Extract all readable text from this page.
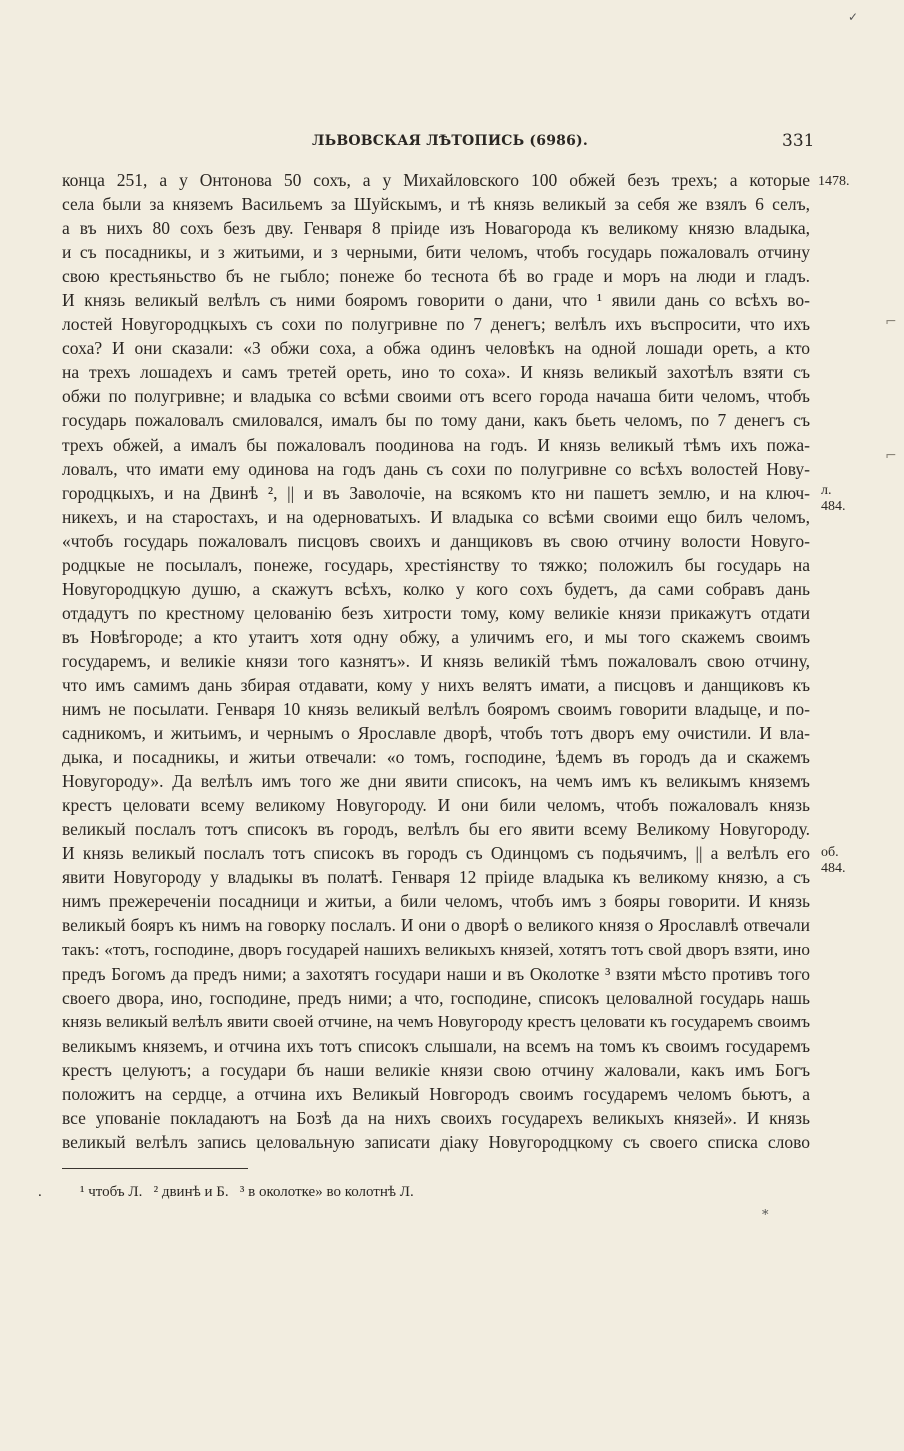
✓
ЛЬВОВСКАЯ ЛѢТОПИСЬ (6986).	331
конца 251, а у Онтонова 50 сохъ, а у Михайловского 100 обжей безъ трехъ; а которые
села были за княземъ Васильемъ за Шуйскымъ, и тѣ князь великый за себя же взялъ 6 селъ,
а въ нихъ 80 сохъ безъ дву. Генваря 8 пріиде изъ Новагорода къ великому князю владыка,
и съ посадникы, и з житьими, и з черными, бити челомъ, чтобъ государь пожаловалъ отчину
свою крестьяньство бъ не гыбло; понеже бо теснота бѣ во граде и моръ на люди и гладъ.
И князь великый велѣлъ съ ними бояромъ говорити о дани, что ¹ явили дань со всѣхъ во-
лостей Новугородцкыхъ съ сохи по полугривне по 7 денегъ; велѣлъ ихъ въспросити, что ихъ
соха? И они сказали: «3 обжи соха, а обжа одинъ человѣкъ на одной лошади ореть, а кто
на трехъ лошадехъ и самъ третей ореть, ино то соха». И князь великый захотѣлъ взяти съ
обжи по полугривне; и владыка со всѣми своими отъ всего города начаша бити челомъ, чтобъ
государь пожаловалъ смиловался, ималъ бы по тому дани, какъ бьеть челомъ, по 7 денегъ съ
трехъ обжей, а ималъ бы пожаловалъ поодинова на годъ. И князь великый тѣмъ ихъ пожа-
ловалъ, что имати ему одинова на годъ дань съ сохи по полугривне со всѣхъ волостей Нову-
городцкыхъ, и на Двинѣ ², || и въ Заволочіе, на всякомъ кто ни пашетъ землю, и на ключ-
никехъ, и на старостахъ, и на одерноватыхъ. И владыка со всѣми своими ещо билъ челомъ,
«чтобъ государь пожаловалъ писцовъ своихъ и данщиковъ въ свою отчину волости Новуго-
родцкые не посылалъ, понеже, государь, хрестіянству то тяжко; положилъ бы государь на
Новугородцкую душю, а скажутъ всѣхъ, колко у кого сохъ будетъ, да сами собравъ дань
отдадутъ по крестному целованію безъ хитрости тому, кому великіе князи прикажутъ отдати
въ Новѣгороде; а кто утаитъ хотя одну обжу, а уличимъ его, и мы того скажемъ своимъ
государемъ, и великіе князи того казнятъ». И князь великій тѣмъ пожаловалъ свою отчину,
что имъ самимъ дань збирая отдавати, кому у нихъ велятъ имати, а писцовъ и данщиковъ къ
нимъ не посылати. Генваря 10 князь великый велѣлъ бояромъ своимъ говорити владыце, и по-
садникомъ, и житьимъ, и чернымъ о Ярославле дворѣ, чтобъ тотъ дворъ ему очистили. И вла-
дыка, и посадникы, и житьи отвечали: «о томъ, господине, ѣдемъ въ городъ да и скажемъ
Новугороду». Да велѣлъ имъ того же дни явити списокъ, на чемъ имъ къ великымъ княземъ
крестъ целовати всему великому Новугороду. И они били челомъ, чтобъ пожаловалъ князь
великый послалъ тотъ списокъ въ городъ, велѣлъ бы его явити всему Великому Новугороду.
И князь великый послалъ тотъ списокъ въ городъ съ Одинцомъ съ подьячимъ, || а велѣлъ его
явити Новугороду у владыкы въ полатѣ. Генваря 12 пріиде владыка къ великому князю, а съ
нимъ прежереченіи посадници и житьи, а били челомъ, чтобъ имъ з бояры говорити. И князь
великый бояръ къ нимъ на говорку послалъ. И они о дворѣ о великого князя о Ярославлѣ отвечали
такъ: «тотъ, господине, дворъ государей нашихъ великыхъ князей, хотятъ тотъ свой дворъ взяти, ино
предъ Богомъ да предъ ними; а захотятъ государи наши и въ Околотке ³ взяти мѣсто противъ того
своего двора, ино, господине, предъ ними; а что, господине, списокъ целовалной государь нашь
князь великый велѣлъ явити своей отчине, на чемъ Новугороду крестъ целовати къ государемъ своимъ
великымъ княземъ, и отчина ихъ тотъ списокъ слышали, на всемъ на томъ къ своимъ государемъ
крестъ целуютъ; а государи бъ наши великіе князи свою отчину жаловали, какъ имъ Богъ
положитъ на сердце, а отчина ихъ Великый Новгородъ своимъ государемъ челомъ бьютъ, а
все упованіе покладаютъ на Бозѣ да на нихъ своихъ государехъ великыхъ князей». И князь
великый велѣлъ запись целовальную записати діаку Новугородцкому съ своего списка слово
1478.
л. 484.
об. 484.
⌐
⌐
.	¹ чтобъ Л.   ² двинѣ и Б.   ³ в околотке» во колотнѣ Л.
*
